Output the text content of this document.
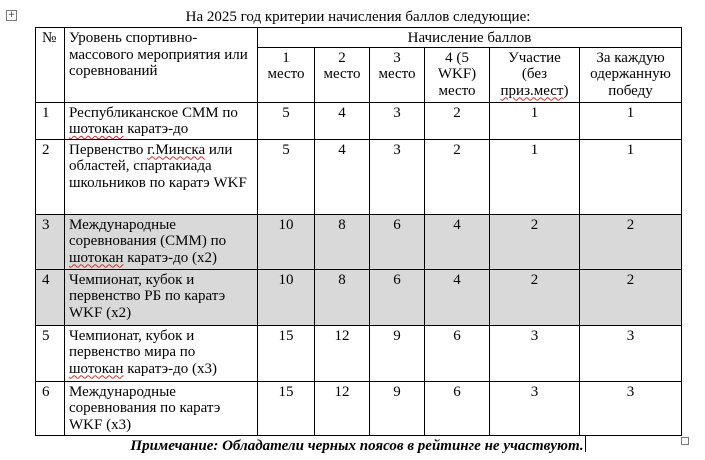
+	На 2025 год критерии начисления баллов следующие:
№	Уровень спортивно-массового мероприятия или соревнований	Начисление баллов					
		1 место	2 место	3 место	4 (5 WKF) место	Участие (без приз.мест)	За каждую одержанную победу
1	Республиканское СММ по шотокан каратэ-до	5	4	3	2	1	1
2	Первенство г.Минска или областей, спартакиада школьников по каратэ WKF	5	4	3	2	1	1
3	Международные соревнования (СММ) по шотокан каратэ-до (х2)	10	8	6	4	2	2
4	Чемпионат, кубок и первенство РБ по каратэ WKF (х2)	10	8	6	4	2	2
5	Чемпионат, кубок и первенство мира по шотокан каратэ-до (х3)	15	12	9	6	3	3
6	Международные соревнования по каратэ WKF (х3)	15	12	9	6	3	3
Примечание: Обладатели черных поясов в рейтинге не участвуют.
